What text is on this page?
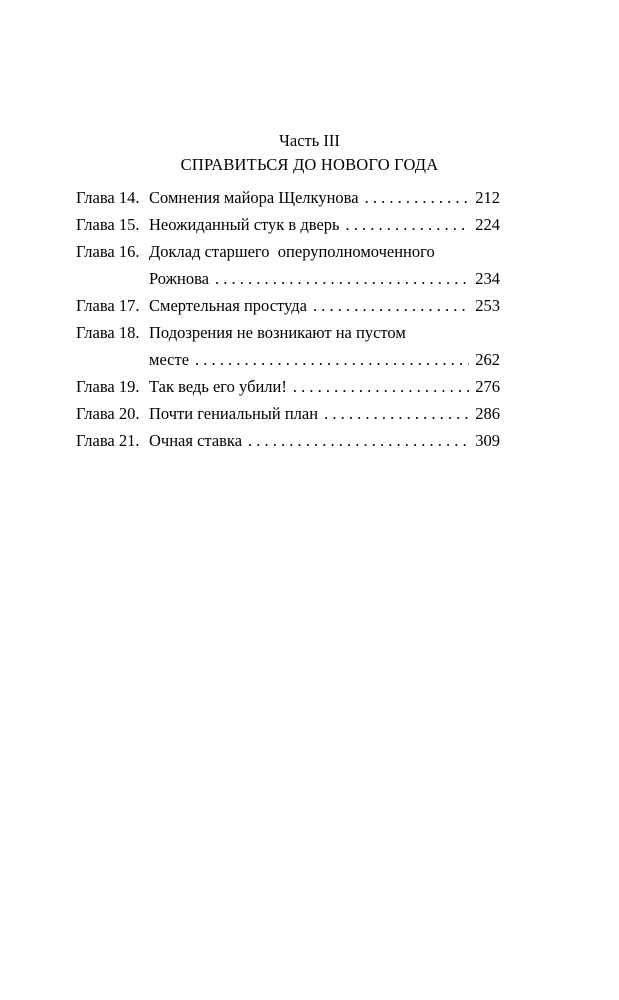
Часть III
СПРАВИТЬСЯ ДО НОВОГО ГОДА
Глава 14. Сомнения майора Щелкунова . . .	212
Глава 15. Неожиданный стук в дверь . . .	224
Глава 16. Доклад старшего  оперуполномоченного
Рожнова . . .	234
Глава 17. Смертельная простуда . . .	253
Глава 18. Подозрения не возникают на пустом
месте . . .	262
Глава 19. Так ведь его убили! . . .	276
Глава 20. Почти гениальный план . . .	286
Глава 21. Очная ставка . . .	309
